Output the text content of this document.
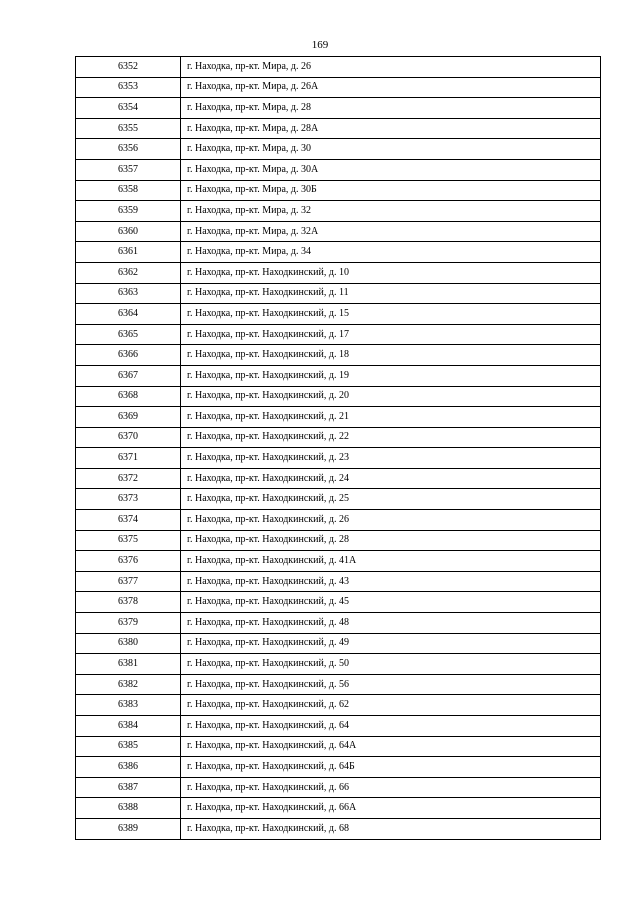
169
6352	г. Находка, пр-кт. Мира, д. 26
6353	г. Находка, пр-кт. Мира, д. 26А
6354	г. Находка, пр-кт. Мира, д. 28
6355	г. Находка, пр-кт. Мира, д. 28А
6356	г. Находка, пр-кт. Мира, д. 30
6357	г. Находка, пр-кт. Мира, д. 30А
6358	г. Находка, пр-кт. Мира, д. 30Б
6359	г. Находка, пр-кт. Мира, д. 32
6360	г. Находка, пр-кт. Мира, д. 32А
6361	г. Находка, пр-кт. Мира, д. 34
6362	г. Находка, пр-кт. Находкинский, д. 10
6363	г. Находка, пр-кт. Находкинский, д. 11
6364	г. Находка, пр-кт. Находкинский, д. 15
6365	г. Находка, пр-кт. Находкинский, д. 17
6366	г. Находка, пр-кт. Находкинский, д. 18
6367	г. Находка, пр-кт. Находкинский, д. 19
6368	г. Находка, пр-кт. Находкинский, д. 20
6369	г. Находка, пр-кт. Находкинский, д. 21
6370	г. Находка, пр-кт. Находкинский, д. 22
6371	г. Находка, пр-кт. Находкинский, д. 23
6372	г. Находка, пр-кт. Находкинский, д. 24
6373	г. Находка, пр-кт. Находкинский, д. 25
6374	г. Находка, пр-кт. Находкинский, д. 26
6375	г. Находка, пр-кт. Находкинский, д. 28
6376	г. Находка, пр-кт. Находкинский, д. 41А
6377	г. Находка, пр-кт. Находкинский, д. 43
6378	г. Находка, пр-кт. Находкинский, д. 45
6379	г. Находка, пр-кт. Находкинский, д. 48
6380	г. Находка, пр-кт. Находкинский, д. 49
6381	г. Находка, пр-кт. Находкинский, д. 50
6382	г. Находка, пр-кт. Находкинский, д. 56
6383	г. Находка, пр-кт. Находкинский, д. 62
6384	г. Находка, пр-кт. Находкинский, д. 64
6385	г. Находка, пр-кт. Находкинский, д. 64А
6386	г. Находка, пр-кт. Находкинский, д. 64Б
6387	г. Находка, пр-кт. Находкинский, д. 66
6388	г. Находка, пр-кт. Находкинский, д. 66А
6389	г. Находка, пр-кт. Находкинский, д. 68
